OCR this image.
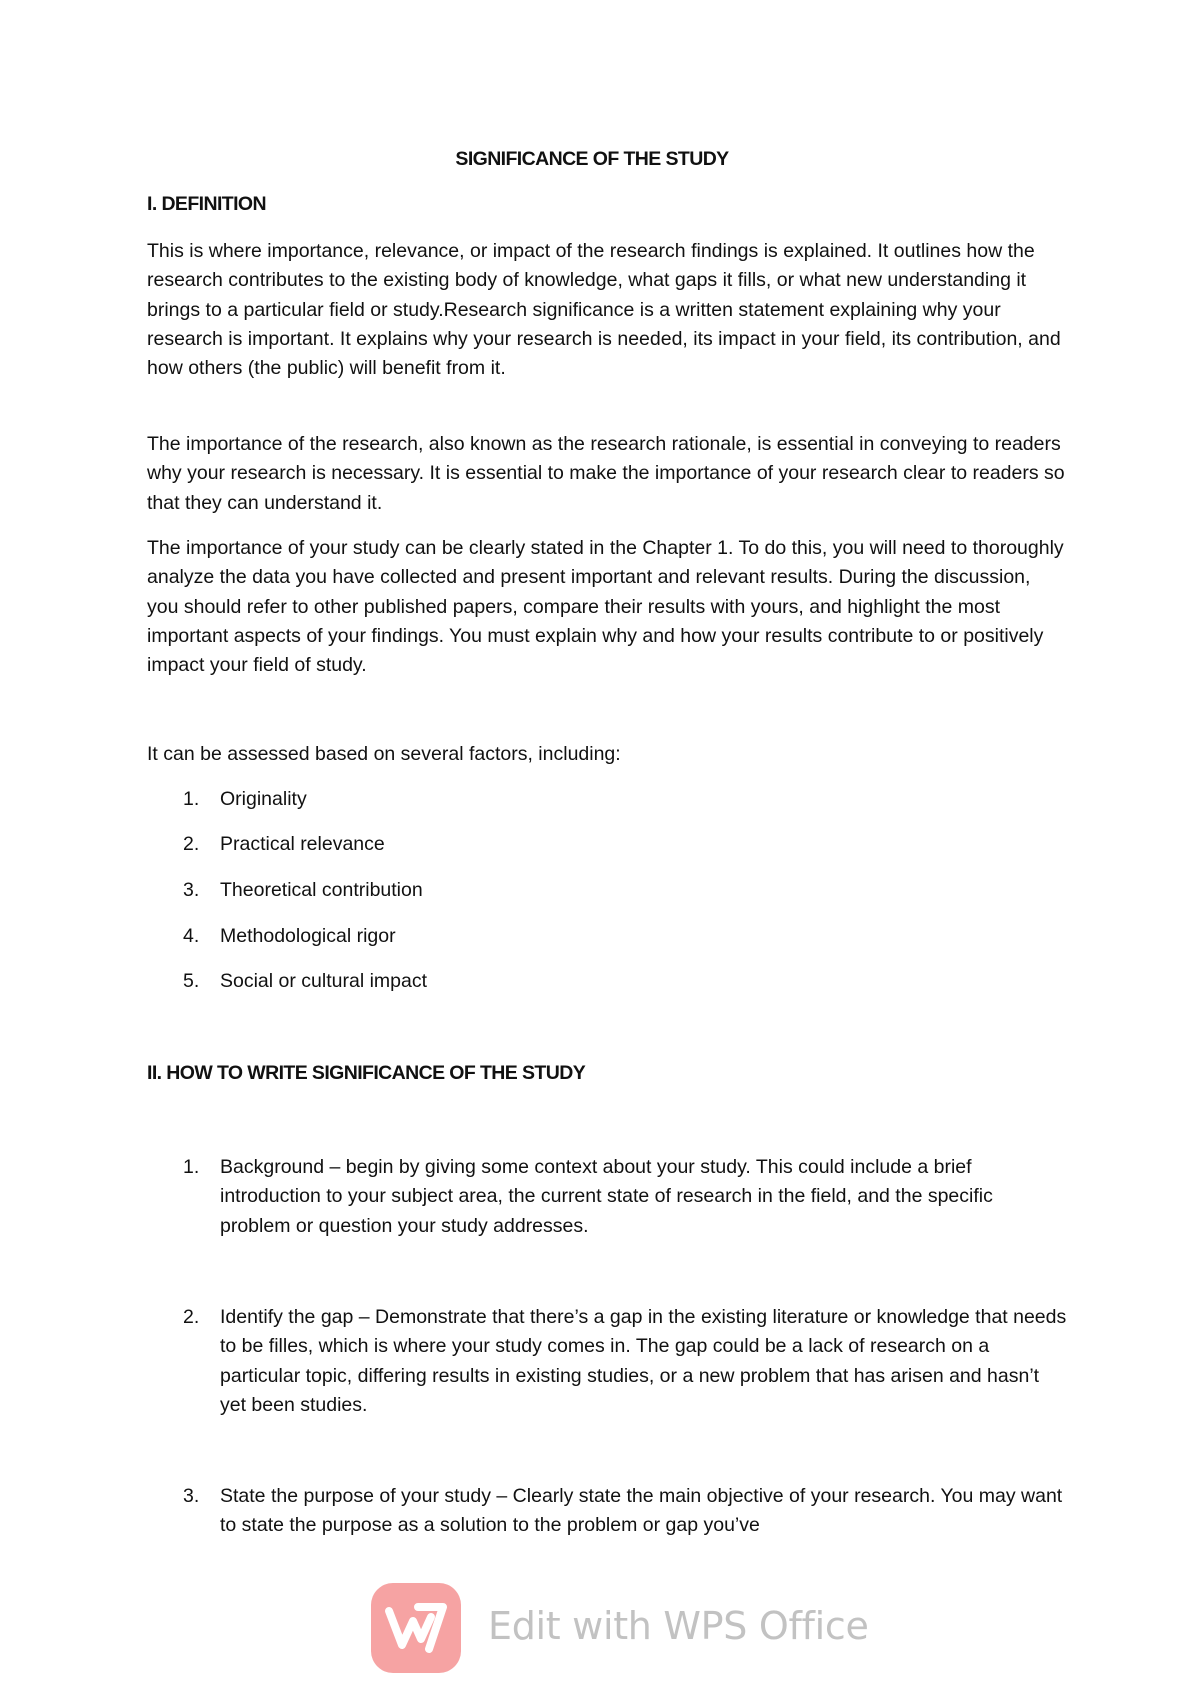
SIGNIFICANCE OF THE STUDY
I. DEFINITION

This is where importance, relevance, or impact of the research findings is explained. It outlines how the research contributes to the existing body of knowledge, what gaps it fills, or what new understanding it brings to a particular field or study.Research significance is a written statement explaining why your research is important. It explains why your research is needed, its impact in your field, its contribution, and how others (the public) will benefit from it.

The importance of the research, also known as the research rationale, is essential in conveying to readers why your research is necessary. It is essential to make the importance of your research clear to readers so that they can understand it.

The importance of your study can be clearly stated in the Chapter 1. To do this, you will need to thoroughly analyze the data you have collected and present important and relevant results. During the discussion, you should refer to other published papers, compare their results with yours, and highlight the most important aspects of your findings. You must explain why and how your results contribute to or positively impact your field of study.

It can be assessed based on several factors, including:

1. Originality
2. Practical relevance
3. Theoretical contribution
4. Methodological rigor
5. Social or cultural impact
II. HOW TO WRITE SIGNIFICANCE OF THE STUDY
1. Background – begin by giving some context about your study. This could include a brief introduction to your subject area, the current state of research in the field, and the specific problem or question your study addresses.
2. Identify the gap – Demonstrate that there’s a gap in the existing literature or knowledge that needs to be filles, which is where your study comes in. The gap could be a lack of research on a particular topic, differing results in existing studies, or a new problem that has arisen and hasn’t yet been studies.
3. State the purpose of your study – Clearly state the main objective of your research. You may want to state the purpose as a solution to the problem or gap you’ve
Edit with WPS Office
